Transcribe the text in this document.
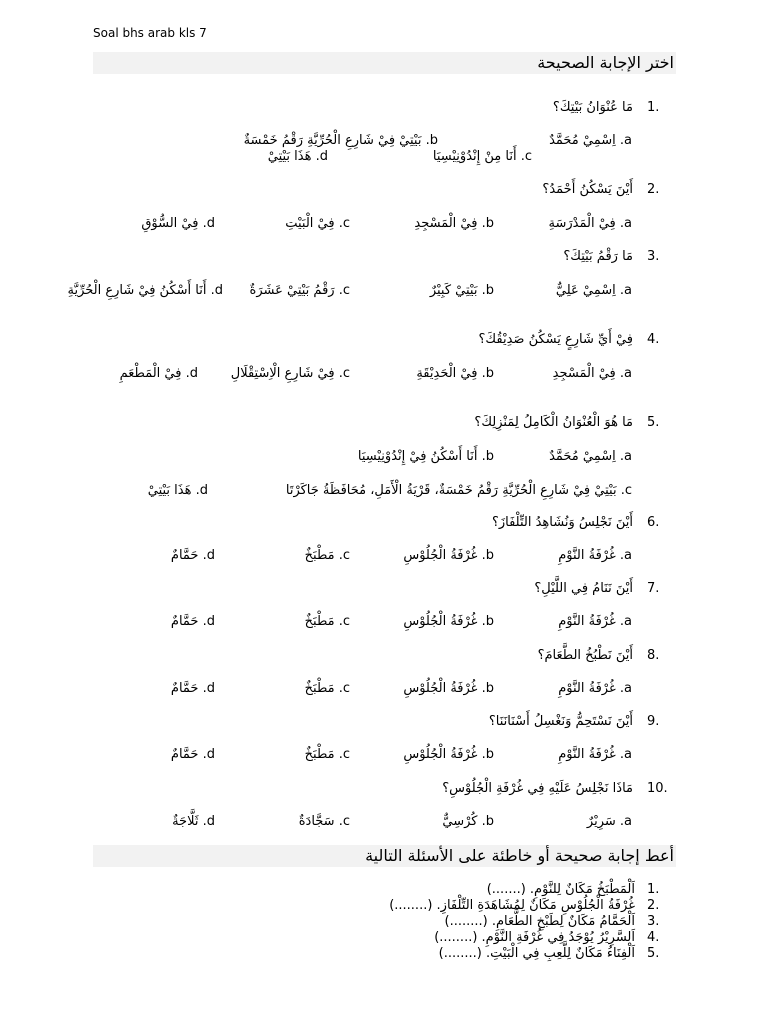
Soal bhs arab kls 7
اختر الإجابة الصحيحة
1.
مَا عُنْوَانُ بَيْتِكَ؟
a. اِسْمِيْ مُحَمَّدٌ
b. بَيْتِيْ فِيْ شَارِعِ الْحُرِّيَّةِ رَقْمُ خَمْسَةٌ
c. أَنَا مِنْ إِنْدُوْنِيْسِيَا
d. هَذَا بَيْتِيْ
2.
أَيْنَ يَسْكُنُ أَحْمَدُ؟
a. فِيْ الْمَدْرَسَةِ
b. فِيْ الْمَسْجِدِ
c. فِيْ الْبَيْتِ
d. فِيْ السُّوْقِ
3.
مَا رَقْمُ بَيْتِكَ؟
a. اِسْمِيْ عَلِيٌّ
b. بَيْتِيْ كَبِيْرٌ
c. رَقْمُ بَيْتِيْ عَشَرَةٌ
d. أَنَا أَسْكُنُ فِيْ شَارِعِ الْحُرِّيَّةِ
4.
فِيْ أَيِّ شَارِعٍ يَسْكُنُ صَدِيْقُكَ؟
a. فِيْ الْمَسْجِدِ
b. فِيْ الْحَدِيْقَةِ
c. فِيْ شَارِعِ الْاِسْتِقْلَالِ
d. فِيْ الْمَطْعَمِ
5.
مَا هُوَ الْعُنْوَانُ الْكَامِلُ لِمَنْزِلِكَ؟
a. اِسْمِيْ مُحَمَّدٌ
b. أَنَا أَسْكُنُ فِيْ إِنْدُوْنِيْسِيَا
c. بَيْتِيْ فِيْ شَارِعِ الْحُرِّيَّةِ رَقْمُ خَمْسَةٌ، قَرْيَةُ الْأَمَلِ، مُحَافَظَةُ جَاكَرْتَا
d. هَذَا بَيْتِيْ
6.
أَيْنَ نَجْلِسُ وَنُشَاهِدُ التِّلْفَازَ؟
a. غُرْفَةُ النَّوْمِ
b. غُرْفَةُ الْجُلُوْسِ
c. مَطْبَخٌ
d. حَمَّامٌ
7.
أَيْنَ نَنَامُ فِي اللَّيْلِ؟
a. غُرْفَةُ النَّوْمِ
b. غُرْفَةُ الْجُلُوْسِ
c. مَطْبَخٌ
d. حَمَّامٌ
8.
أَيْنَ نَطْبُخُ الطَّعَامَ؟
a. غُرْفَةُ النَّوْمِ
b. غُرْفَةُ الْجُلُوْسِ
c. مَطْبَخٌ
d. حَمَّامٌ
9.
أَيْنَ نَسْتَحِمُّ وَنَغْسِلُ أَسْنَانَنَا؟
a. غُرْفَةُ النَّوْمِ
b. غُرْفَةُ الْجُلُوْسِ
c. مَطْبَخٌ
d. حَمَّامٌ
10.
مَاذَا نَجْلِسُ عَلَيْهِ فِي غُرْفَةِ الْجُلُوْسِ؟
a. سَرِيْرٌ
b. كُرْسِيٌّ
c. سَجَّادَةٌ
d. ثَلَّاجَةٌ
أعط إجابة صحيحة أو خاطئة على الأسئلة التالية
1.
اَلْمَطْبَخُ مَكَانٌ لِلنَّوْمِ. (.......)
2.
غُرْفَةُ الْجُلُوْسِ مَكَانٌ لِمُشَاهَدَةِ التِّلْفَازِ. (........)
3.
اَلْحَمَّامُ مَكَانٌ لِطَبْخِ الطَّعَامِ. (........)
4.
اَلسَّرِيْرُ يُوْجَدُ فِي غُرْفَةِ النَّوْمِ. (........)
5.
اَلْفِنَاءُ مَكَانٌ لِلَّعِبِ فِي الْبَيْتِ. (........)
